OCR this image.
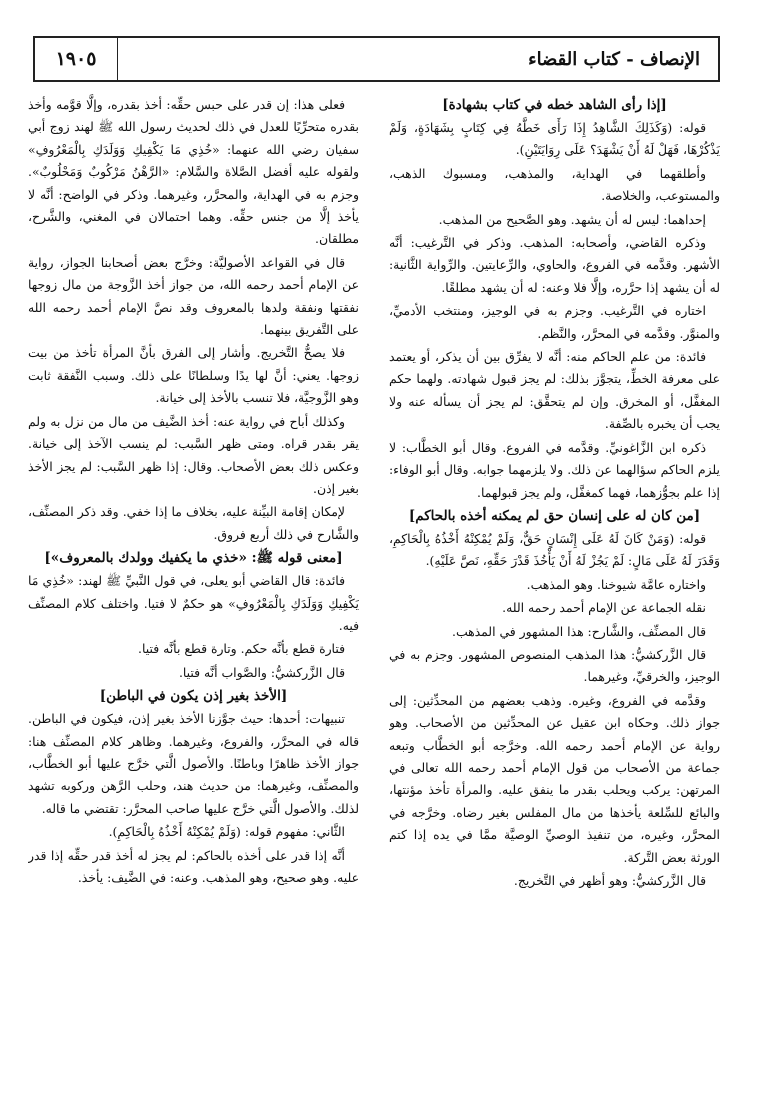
الإنصاف - كتاب القضاء
١٩٠٥
[إذا رأى الشاهد خطه في كتاب بشهادة]

قوله: (وَكَذَلِكَ الشَّاهِدُ إِذَا رَأَى خَطَّهُ فِي كِتَابٍ بِشَهَادَةٍ، وَلَمْ يَذْكُرْهَا، فَهَلْ لَهُ أَنْ يَشْهَدَ؟ عَلَى رِوَايَتَيْنِ).

وأطلقهما في الهداية، والمذهب، ومسبوك الذهب، والمستوعب، والخلاصة.

إحداهما: ليس له أن يشهد. وهو الصَّحيح من المذهب.

وذكره القاضي، وأصحابه: المذهب. وذكر في التَّرغيب: أنَّه الأشهر. وقدَّمه في الفروع، والحاوي، والرِّعايتين. والرِّواية الثَّانية: له أن يشهد إذا حرَّره، وإلَّا فلا وعنه: له أن يشهد مطلقًا.

اختاره في التَّرغيب. وجزم به في الوجيز، ومنتخب الأدميِّ، والمنوَّر. وقدَّمه في المحرَّر، والنَّظم.

فائدة: من علم الحاكم منه: أنَّه لا يفرِّق بين أن يذكر، أو يعتمد على معرفة الخطِّ، يتجوَّز بذلك: لم يجز قبول شهادته. ولهما حكم المغفَّل، أو المخرق. وإن لم يتحقَّق: لم يجز أن يسأله عنه ولا يجب أن يخبره بالصِّفة.

ذكره ابن الزَّاغونيِّ. وقدَّمه في الفروع. وقال أبو الخطَّاب: لا يلزم الحاكم سؤالهما عن ذلك. ولا يلزمهما جوابه. وقال أبو الوفاء: إذا علم بجوُّزهما، فهما كمغفَّل، ولم يجز قبولهما.

[من كان له على إنسان حق لم يمكنه أخذه بالحاكم]

قوله: (وَمَنْ كَانَ لَهُ عَلَى إِنْسَانٍ حَقٌّ، وَلَمْ يُمْكِنْهُ أَخْذُهُ بِالْحَاكِمِ، وَقَدَرَ لَهُ عَلَى مَالٍ: لَمْ يَجُزْ لَهُ أَنْ يَأْخُذَ قَدْرَ حَقِّهِ، نَصَّ عَلَيْهِ).

واختاره عامَّة شيوخنا. وهو المذهب.

نقله الجماعة عن الإمام أحمد رحمه الله.

قال المصنِّف، والشَّارح: هذا المشهور في المذهب.

قال الزَّركشيُّ: هذا المذهب المنصوص المشهور. وجزم به في الوجيز، والخرقيِّ، وغيرهما.

وقدَّمه في الفروع، وغيره. وذهب بعضهم من المحدِّثين: إلى جواز ذلك. وحكاه ابن عقيل عن المحدِّثين من الأصحاب. وهو رواية عن الإمام أحمد رحمه الله. وخرَّجه أبو الخطَّاب وتبعه جماعة من الأصحاب من قول الإمام أحمد رحمه الله تعالى في المرتهن: يركب ويحلب بقدر ما ينفق عليه. والمرأة تأخذ مؤنتها، والبائع للسِّلعة يأخذها من مال المفلس بغير رضاه. وخرَّجه في المحرَّر، وغيره، من تنفيذ الوصيِّ الوصيَّة ممَّا في يده إذا كتم الورثة بعض التَّركة.

قال الزَّركشيُّ: وهو أظهر في التَّخريج.

فعلى هذا: إن قدر على حبس حقِّه: أخذ بقدره، وإلَّا قوَّمه وأخذ بقدره متحرِّيًا للعدل في ذلك لحديث رسول الله ﷺ لهند زوج أبي سفيان رضي الله عنهما: «خُذِي مَا يَكْفِيكِ وَوَلَدَكِ بِالْمَعْرُوفِ» ولقوله عليه أفضل الصَّلاة والسَّلام: «الرَّهْنُ مَرْكُوبٌ وَمَحْلُوبٌ». وجزم به في الهداية، والمحرَّر، وغيرهما. وذكر في الواضح: أنَّه لا يأخذ إلَّا من جنس حقِّه. وهما احتمالان في المغني، والشَّرح، مطلقان.

قال في القواعد الأصوليَّة: وخرَّج بعض أصحابنا الجواز، رواية عن الإمام أحمد رحمه الله، من جواز أخذ الزَّوجة من مال زوجها نفقتها ونفقة ولدها بالمعروف وقد نصَّ الإمام أحمد رحمه الله على التَّفريق بينهما.

فلا يصحُّ التَّخريج. وأشار إلى الفرق بأنَّ المرأة تأخذ من بيت زوجها. يعني: أنَّ لها يدًا وسلطانًا على ذلك. وسبب النَّفقة ثابت وهو الزَّوجيَّة، فلا تنسب بالأخذ إلى خيانة.

وكذلك أباح في رواية عنه: أخذ الضَّيف من مال من نزل به ولم يقر بقدر قراه. ومتى ظهر السَّبب: لم ينسب الآخذ إلى خيانة. وعكس ذلك بعض الأصحاب. وقال: إذا ظهر السَّبب: لم يجز الأخذ بغير إذن.

لإمكان إقامة البيِّنة عليه، بخلاف ما إذا خفي. وقد ذكر المصنِّف، والشَّارح في ذلك أربع فروق.

[معنى قوله ﷺ: «خذي ما يكفيك وولدك بالمعروف»]

فائدة: قال القاضي أبو يعلى، في قول النَّبيِّ ﷺ لهند: «خُذِي مَا يَكْفِيكِ وَوَلَدَكِ بِالْمَعْرُوفِ» هو حكمٌ لا فتيا. واختلف كلام المصنِّف فيه.

فتارة قطع بأنَّه حكم. وتارة قطع بأنَّه فتيا.

قال الزَّركشيُّ: والصَّواب أنَّه فتيا.

[الأخذ بغير إذن يكون في الباطن]

تنبيهات: أحدها: حيث جوَّزنا الأخذ بغير إذن، فيكون في الباطن. قاله في المحرَّر، والفروع، وغيرهما. وظاهر كلام المصنِّف هنا: جواز الأخذ ظاهرًا وباطنًا. والأصول الَّتي خرَّج عليها أبو الخطَّاب، والمصنِّف، وغيرهما: من حديث هند، وحلب الرَّهن وركوبه تشهد لذلك. والأصول الَّتي خرَّج عليها صاحب المحرَّر: تقتضي ما قاله.

الثَّاني: مفهوم قوله: (وَلَمْ يُمْكِنْهُ أَخْذُهُ بِالْحَاكِمِ).

أنَّه إذا قدر على أخذه بالحاكم: لم يجز له أخذ قدر حقِّه إذا قدر عليه. وهو صحيح، وهو المذهب. وعنه: في الضَّيف: يأخذ.
